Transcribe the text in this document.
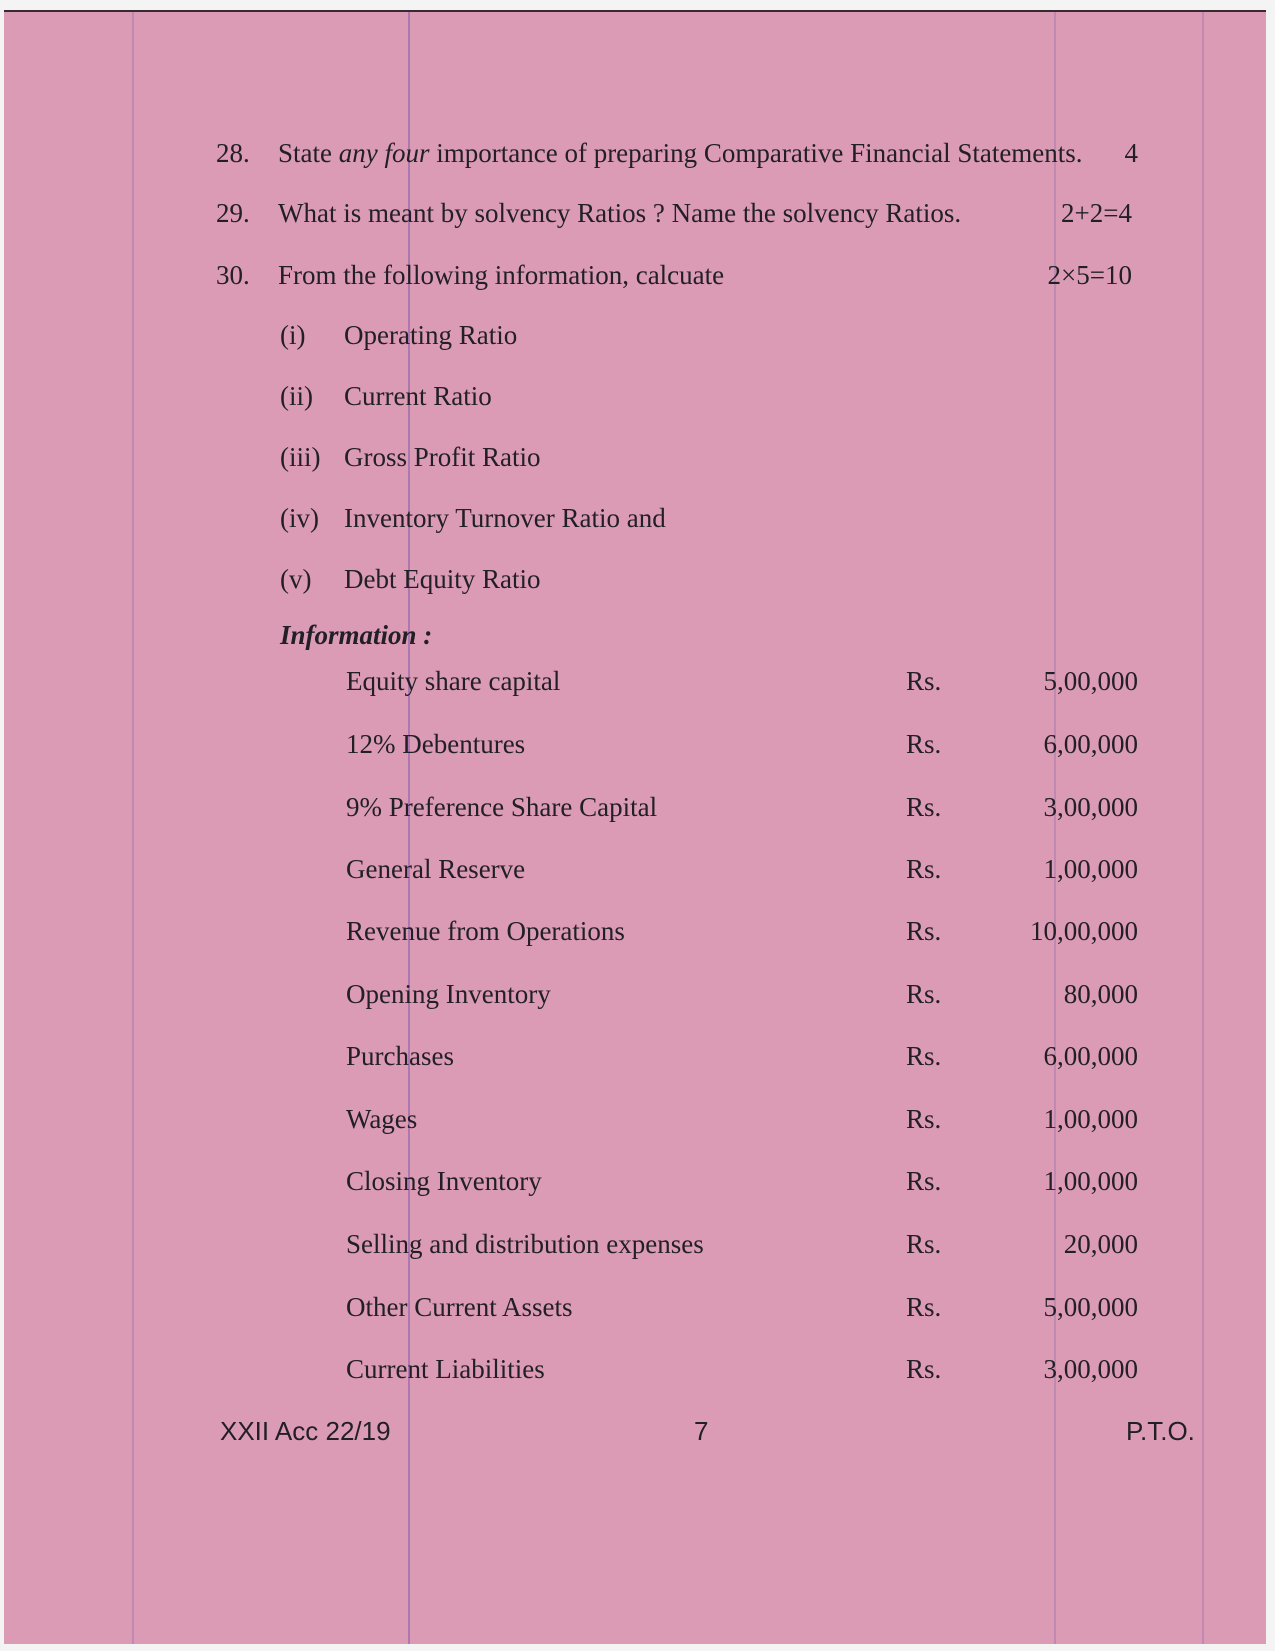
28. State any four importance of preparing Comparative Financial Statements. 4
29. What is meant by solvency Ratios ? Name the solvency Ratios.	2+2=4
30. From the following information, calcuate	2×5=10
(i) Operating Ratio
(ii) Current Ratio
(iii) Gross Profit Ratio
(iv) Inventory Turnover Ratio and
(v) Debt Equity Ratio
Information :
Equity share capital	Rs.	5,00,000
12% Debentures	Rs.	6,00,000
9% Preference Share Capital	Rs.	3,00,000
General Reserve	Rs.	1,00,000
Revenue from Operations	Rs.	10,00,000
Opening Inventory	Rs.	80,000
Purchases	Rs.	6,00,000
Wages	Rs.	1,00,000
Closing Inventory	Rs.	1,00,000
Selling and distribution expenses	Rs.	20,000
Other Current Assets	Rs.	5,00,000
Current Liabilities	Rs.	3,00,000
XXII Acc 22/19	7	P.T.O.
